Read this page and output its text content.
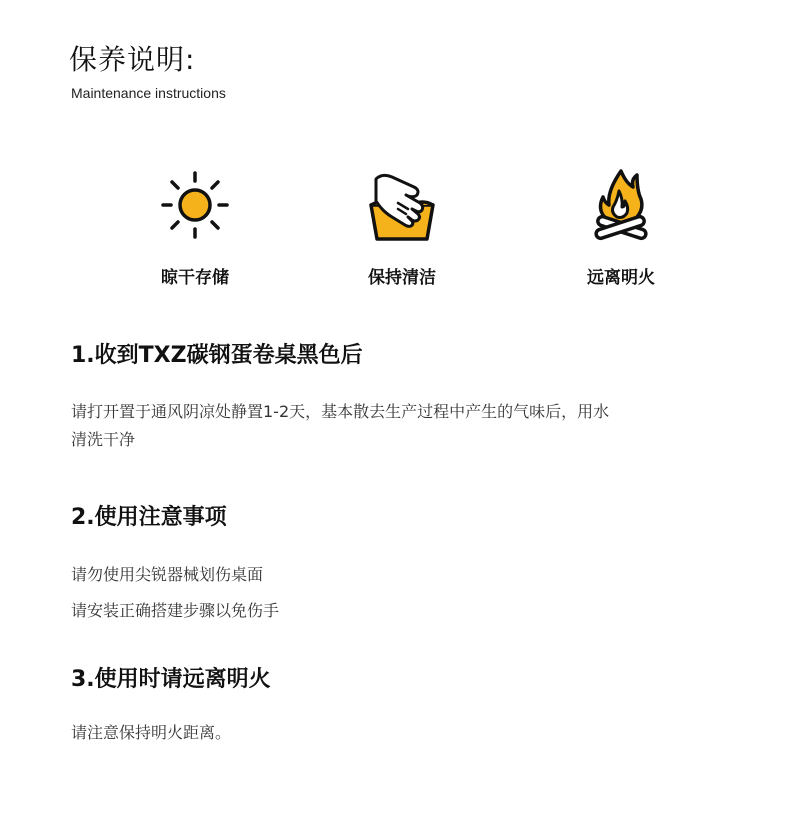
保养说明:
Maintenance instructions
晾干存储	保持清洁	远离明火

1.收到TXZ碳钢蛋卷桌黑色后

请打开置于通风阴凉处静置1-2天，基本散去生产过程中产生的气味后，用水

清洗干净

2.使用注意事项

请勿使用尖锐器械划伤桌面

请安装正确搭建步骤以免伤手

3.使用时请远离明火

请注意保持明火距离。
